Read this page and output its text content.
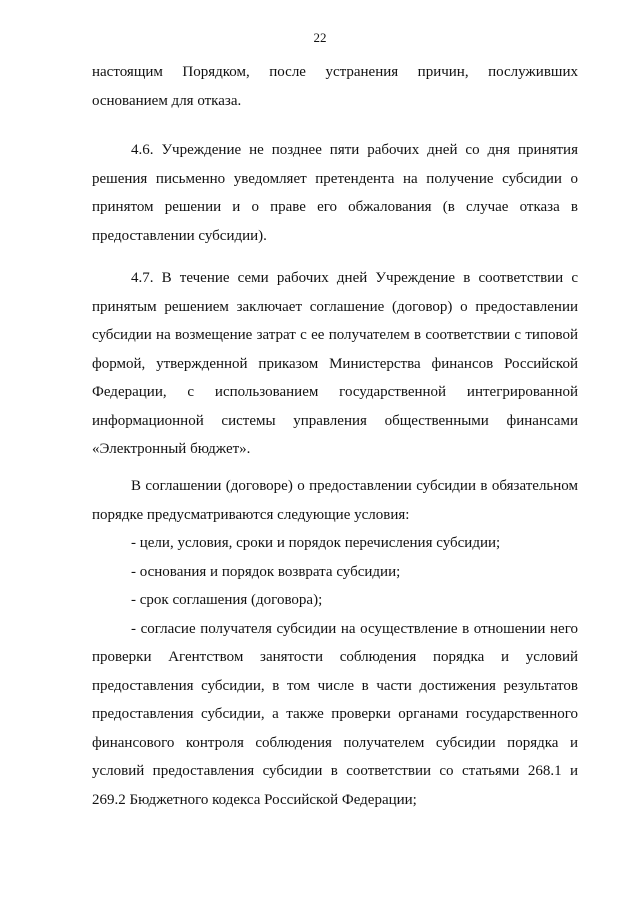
22

настоящим Порядком, после устранения причин, послуживших основанием для отказа.

4.6. Учреждение не позднее пяти рабочих дней со дня принятия решения письменно уведомляет претендента на получение субсидии о принятом решении и о праве его обжалования (в случае отказа в предоставлении субсидии).

4.7. В течение семи рабочих дней Учреждение в соответствии с принятым решением заключает соглашение (договор) о предоставлении субсидии на возмещение затрат с ее получателем в соответствии с типовой формой, утвержденной приказом Министерства финансов Российской Федерации, с использованием государственной интегрированной информационной системы управления общественными финансами «Электронный бюджет».

В соглашении (договоре) о предоставлении субсидии в обязательном порядке предусматриваются следующие условия:

- цели, условия, сроки и порядок перечисления субсидии;

- основания и порядок возврата субсидии;

- срок соглашения (договора);

- согласие получателя субсидии на осуществление в отношении него проверки Агентством занятости соблюдения порядка и условий предоставления субсидии, в том числе в части достижения результатов предоставления субсидии, а также проверки органами государственного финансового контроля соблюдения получателем субсидии порядка и условий предоставления субсидии в соответствии со статьями 268.1 и 269.2 Бюджетного кодекса Российской Федерации;
